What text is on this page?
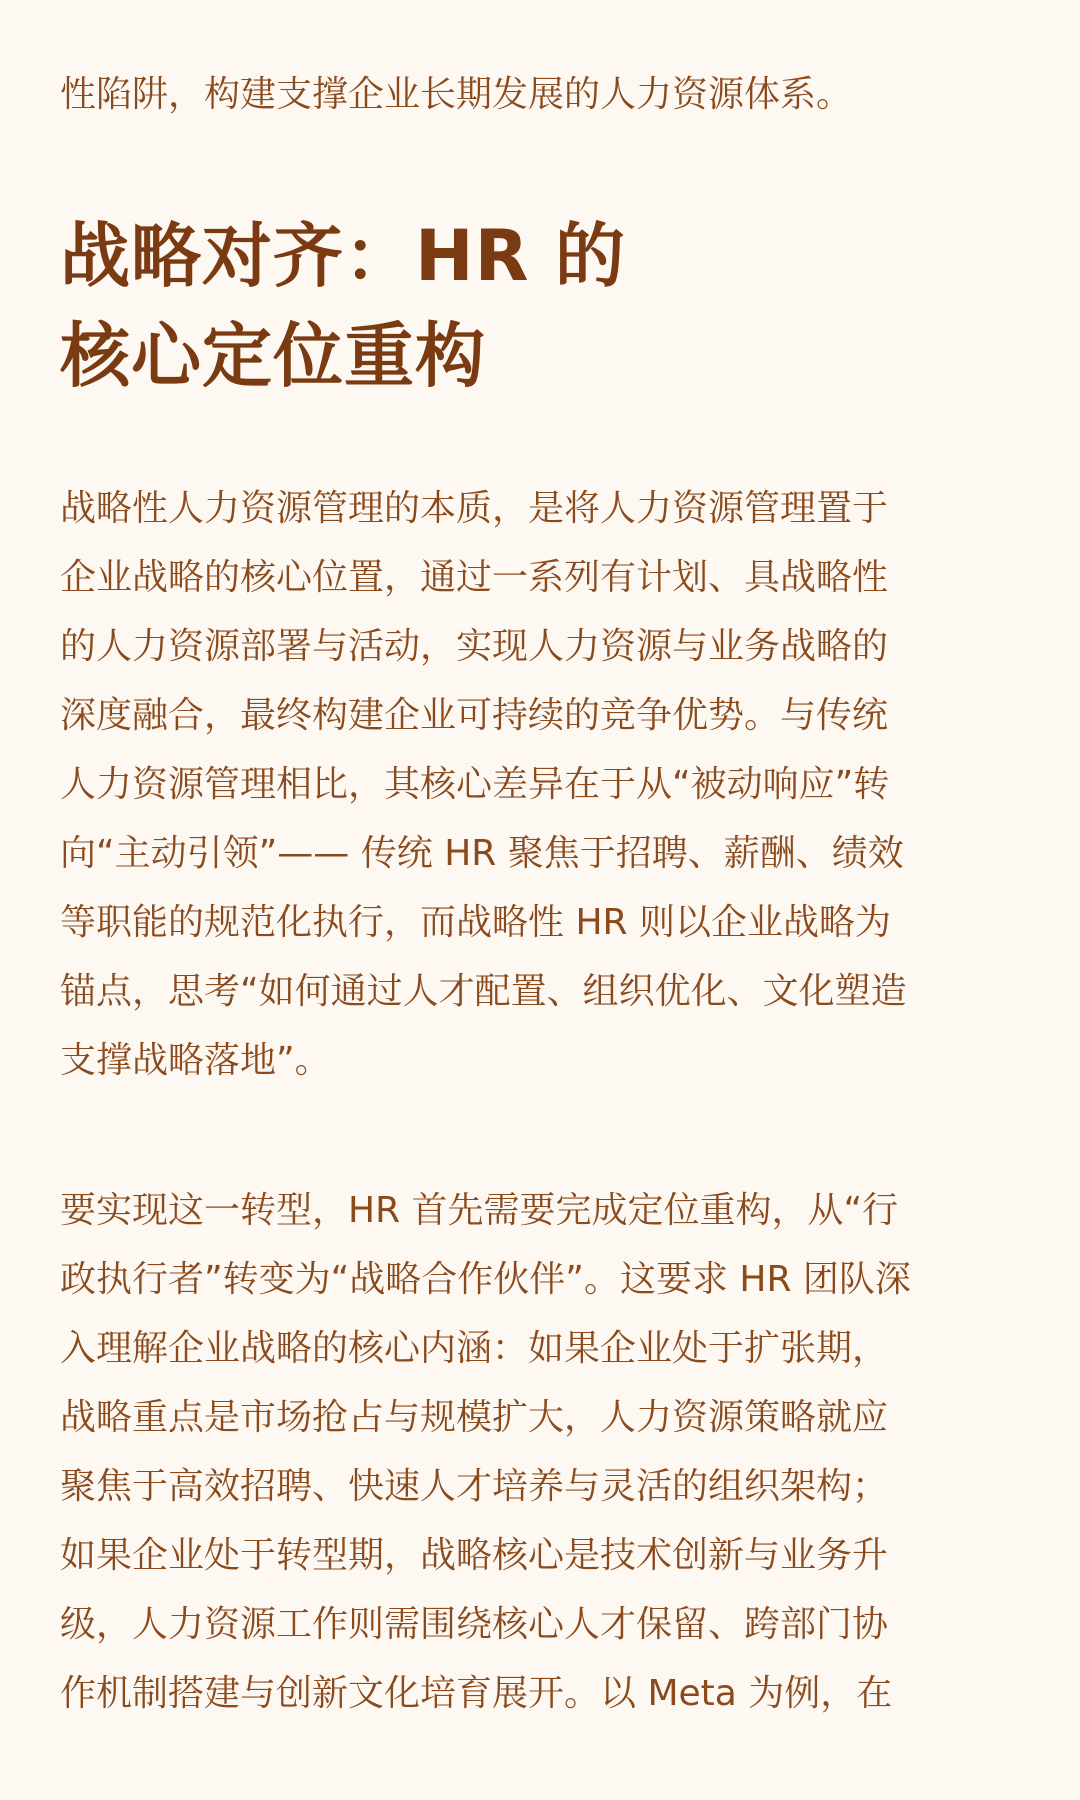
性陷阱，构建支撑企业长期发展的人力资源体系。

战略对齐：HR 的
核心定位重构

战略性人力资源管理的本质，是将人力资源管理置于
企业战略的核心位置，通过一系列有计划、具战略性
的人力资源部署与活动，实现人力资源与业务战略的
深度融合，最终构建企业可持续的竞争优势。与传统
人力资源管理相比，其核心差异在于从“被动响应”转
向“主动引领”—— 传统 HR 聚焦于招聘、薪酬、绩效
等职能的规范化执行，而战略性 HR 则以企业战略为
锚点，思考“如何通过人才配置、组织优化、文化塑造
支撑战略落地”。

要实现这一转型，HR 首先需要完成定位重构，从“行
政执行者”转变为“战略合作伙伴”。这要求 HR 团队深
入理解企业战略的核心内涵：如果企业处于扩张期，
战略重点是市场抢占与规模扩大，人力资源策略就应
聚焦于高效招聘、快速人才培养与灵活的组织架构；
如果企业处于转型期，战略核心是技术创新与业务升
级，人力资源工作则需围绕核心人才保留、跨部门协
作机制搭建与创新文化培育展开。以 Meta 为例，在
